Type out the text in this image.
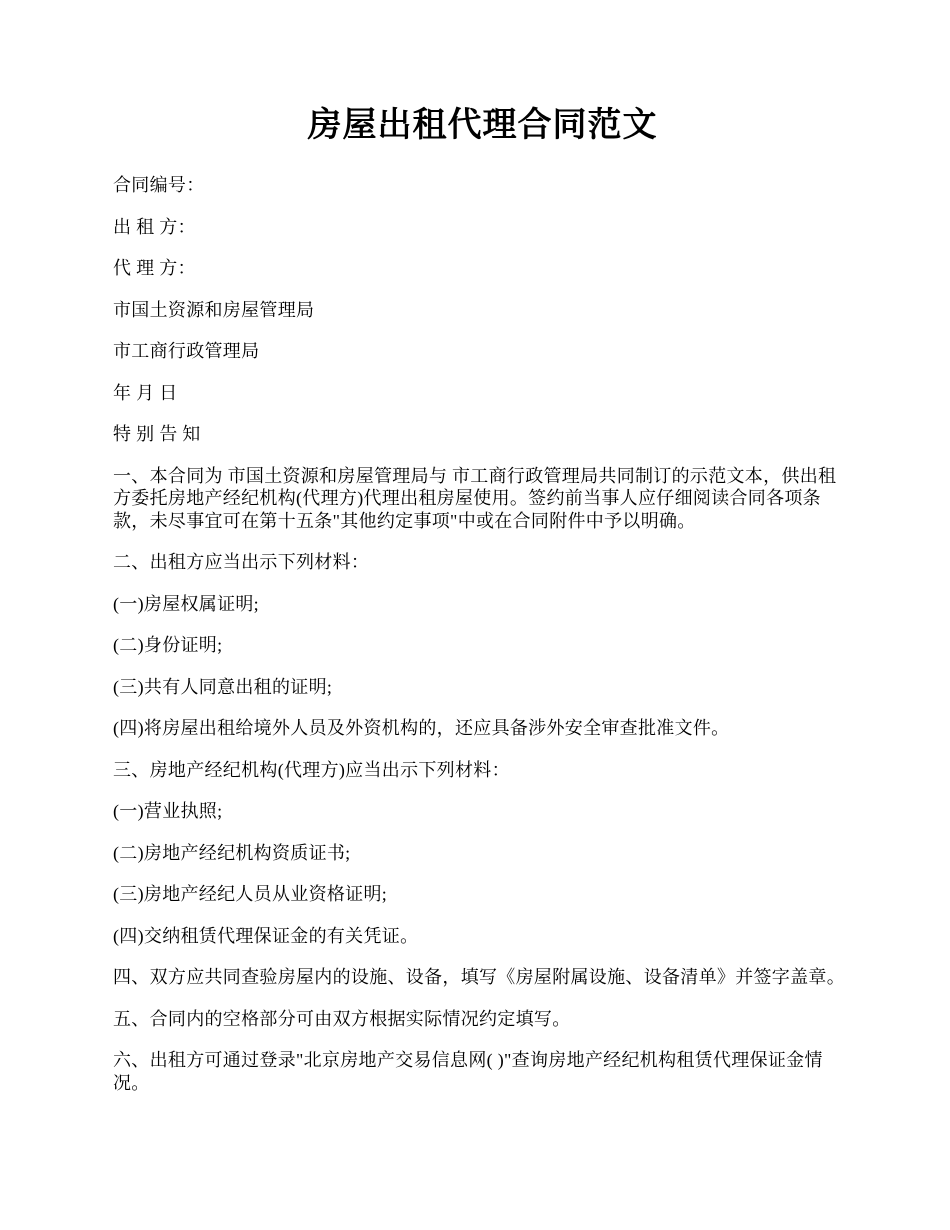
房屋出租代理合同范文

合同编号：

出 租 方：

代 理 方：

市国土资源和房屋管理局

市工商行政管理局

年 月 日

特 别 告 知

一、本合同为 市国土资源和房屋管理局与 市工商行政管理局共同制订的示范文本，供出租方委托房地产经纪机构(代理方)代理出租房屋使用。签约前当事人应仔细阅读合同各项条款，未尽事宜可在第十五条"其他约定事项"中或在合同附件中予以明确。

二、出租方应当出示下列材料：

(一)房屋权属证明;

(二)身份证明;

(三)共有人同意出租的证明;

(四)将房屋出租给境外人员及外资机构的，还应具备涉外安全审查批准文件。

三、房地产经纪机构(代理方)应当出示下列材料：

(一)营业执照;

(二)房地产经纪机构资质证书;

(三)房地产经纪人员从业资格证明;

(四)交纳租赁代理保证金的有关凭证。

四、双方应共同查验房屋内的设施、设备，填写《房屋附属设施、设备清单》并签字盖章。

五、合同内的空格部分可由双方根据实际情况约定填写。

六、出租方可通过登录"北京房地产交易信息网( )"查询房地产经纪机构租赁代理保证金情况。
